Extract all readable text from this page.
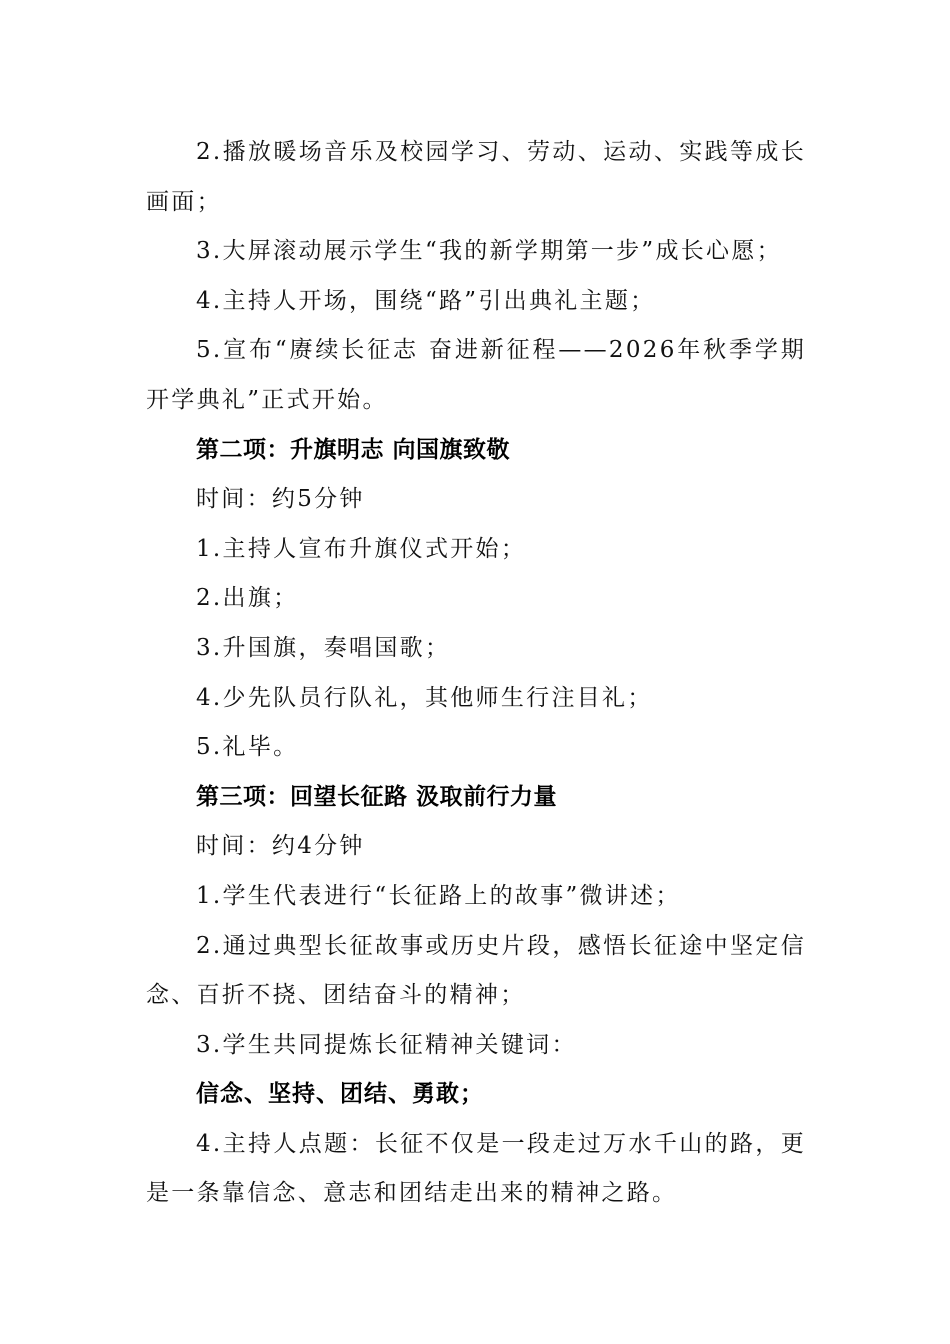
2.播放暖场音乐及校园学习、劳动、运动、实践等成长画面；

3.大屏滚动展示学生“我的新学期第一步”成长心愿；

4.主持人开场，围绕“路”引出典礼主题；

5.宣布“赓续长征志 奋进新征程——2026年秋季学期开学典礼”正式开始。

第二项：升旗明志 向国旗致敬

时间：约5分钟

1.主持人宣布升旗仪式开始；

2.出旗；

3.升国旗，奏唱国歌；

4.少先队员行队礼，其他师生行注目礼；

5.礼毕。

第三项：回望长征路 汲取前行力量

时间：约4分钟

1.学生代表进行“长征路上的故事”微讲述；

2.通过典型长征故事或历史片段，感悟长征途中坚定信念、百折不挠、团结奋斗的精神；

3.学生共同提炼长征精神关键词：

信念、坚持、团结、勇敢；

4.主持人点题：长征不仅是一段走过万水千山的路，更是一条靠信念、意志和团结走出来的精神之路。
